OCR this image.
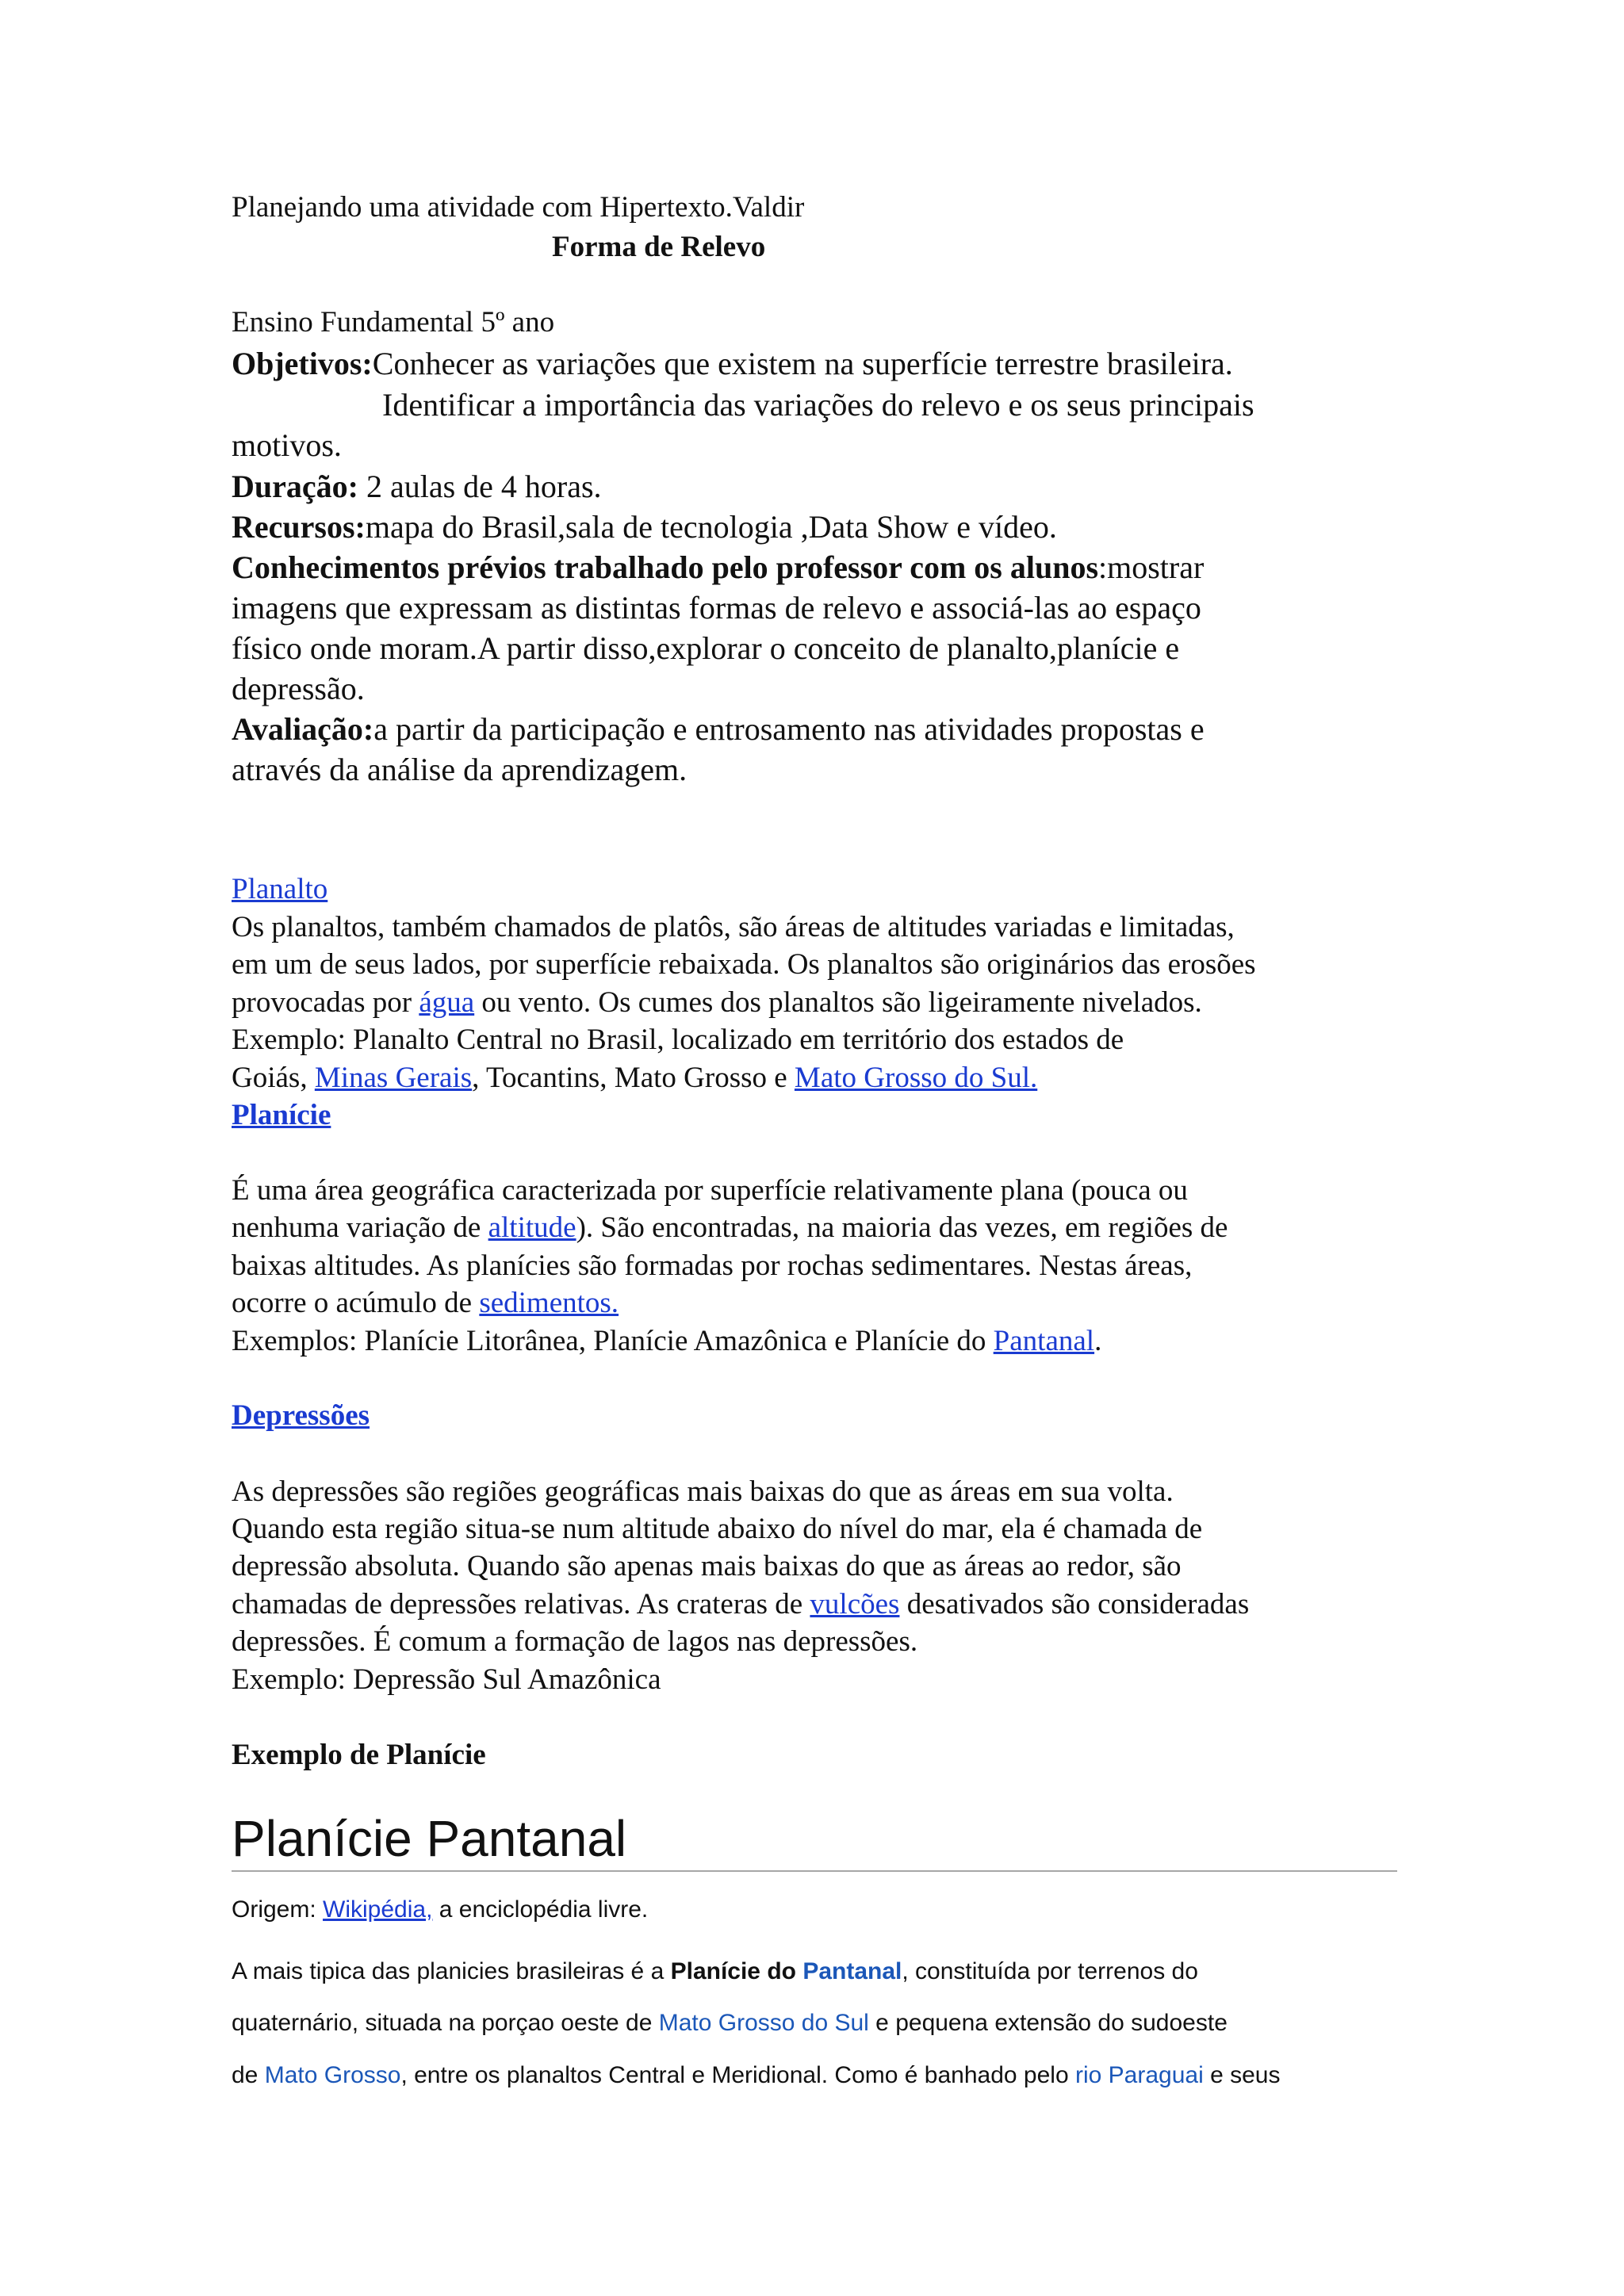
Planejando uma atividade com Hipertexto.Valdir
Forma de Relevo
Ensino Fundamental 5º ano
Objetivos:Conhecer as variações que existem na superfície terrestre brasileira.
Identificar a importância das variações do relevo e os seus principais
motivos.
Duração: 2 aulas de 4 horas.
Recursos:mapa do Brasil,sala de tecnologia ,Data Show e vídeo.
Conhecimentos prévios trabalhado pelo professor com os alunos:mostrar
imagens que expressam as distintas formas de relevo e associá-las ao espaço
físico onde moram.A partir disso,explorar o conceito de planalto,planície e
depressão.
Avaliação:a partir da participação e entrosamento nas atividades propostas e
através da análise da aprendizagem.
Planalto
Os planaltos, também chamados de platôs, são áreas de altitudes variadas e limitadas,
em um de seus lados, por superfície rebaixada. Os planaltos são originários das erosões
provocadas por água ou vento. Os cumes dos planaltos são ligeiramente nivelados.
Exemplo: Planalto Central no Brasil, localizado em território dos estados de
Goiás, Minas Gerais, Tocantins, Mato Grosso e Mato Grosso do Sul.
Planície
É uma área geográfica caracterizada por superfície relativamente plana (pouca ou
nenhuma variação de altitude). São encontradas, na maioria das vezes, em regiões de
baixas altitudes. As planícies são formadas por rochas sedimentares. Nestas áreas,
ocorre o acúmulo de sedimentos.
Exemplos: Planície Litorânea, Planície Amazônica e Planície do Pantanal.
Depressões
As depressões são regiões geográficas mais baixas do que as áreas em sua volta.
Quando esta região situa-se num altitude abaixo do nível do mar, ela é chamada de
depressão absoluta. Quando são apenas mais baixas do que as áreas ao redor, são
chamadas de depressões relativas. As crateras de vulcões desativados são consideradas
depressões. É comum a formação de lagos nas depressões.
Exemplo: Depressão Sul Amazônica
Exemplo de Planície
Planície Pantanal
Origem: Wikipédia, a enciclopédia livre.
A mais tipica das planicies brasileiras é a Planície do Pantanal, constituída por terrenos do
quaternário, situada na porçao oeste de Mato Grosso do Sul e pequena extensão do sudoeste
de Mato Grosso, entre os planaltos Central e Meridional. Como é banhado pelo rio Paraguai e seus
